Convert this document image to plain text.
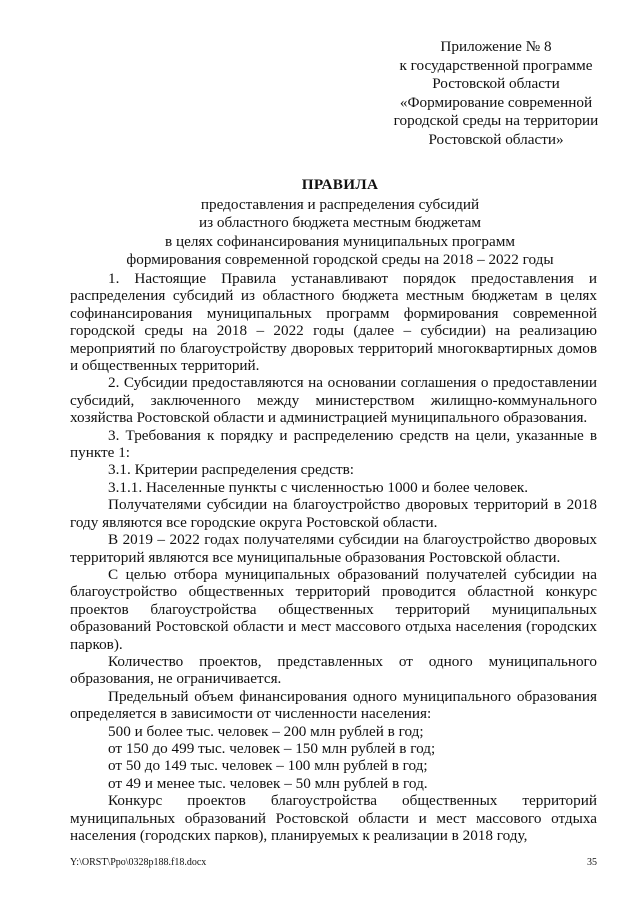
Приложение № 8
к государственной программе
Ростовской области
«Формирование современной
городской среды на территории
Ростовской области»
ПРАВИЛА
предоставления и распределения субсидий
из областного бюджета местным бюджетам
в целях софинансирования муниципальных программ
формирования современной городской среды на 2018 – 2022 годы

1. Настоящие Правила устанавливают порядок предоставления и распределения субсидий из областного бюджета местным бюджетам в целях софинансирования муниципальных программ формирования современной городской среды на 2018 – 2022 годы (далее – субсидии) на реализацию мероприятий по благоустройству дворовых территорий многоквартирных домов и общественных территорий.

2. Субсидии предоставляются на основании соглашения о предоставлении субсидий, заключенного между министерством жилищно-коммунального хозяйства Ростовской области и администрацией муниципального образования.

3. Требования к порядку и распределению средств на цели, указанные в пункте 1:

3.1. Критерии распределения средств:

3.1.1. Населенные пункты с численностью 1000 и более человек.

Получателями субсидии на благоустройство дворовых территорий в 2018 году являются все городские округа Ростовской области.

В 2019 – 2022 годах получателями субсидии на благоустройство дворовых территорий являются все муниципальные образования Ростовской области.

С целью отбора муниципальных образований получателей субсидии на благоустройство общественных территорий проводится областной конкурс проектов благоустройства общественных территорий муниципальных образований Ростовской области и мест массового отдыха населения (городских парков).

Количество проектов, представленных от одного муниципального образования, не ограничивается.

Предельный объем финансирования одного муниципального образования определяется в зависимости от численности населения:

500 и более тыс. человек – 200 млн рублей в год;

от 150 до 499 тыс. человек – 150 млн рублей в год;

от 50 до 149 тыс. человек – 100 млн рублей в год;

от 49 и менее тыс. человек – 50 млн рублей в год.

Конкурс проектов благоустройства общественных территорий муниципальных образований Ростовской области и мест массового отдыха населения (городских парков), планируемых к реализации в 2018 году,

Y:\ORST\Ppo\0328p188.f18.docx	35
